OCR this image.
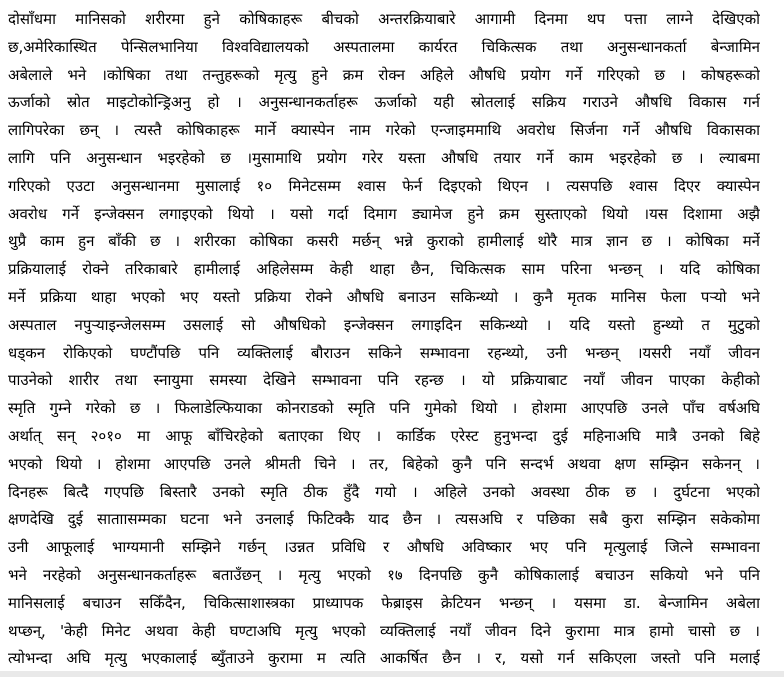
दोसाँधमा मानिसको शरीरमा हुने कोषिकाहरू बीचको अन्तरक्रियाबारे आगामी दिनमा थप पत्ता लाग्ने देखिएको
छ,अमेरिकास्थित पेन्सिलभानिया विश्वविद्यालयको अस्पतालमा कार्यरत चिकित्सक तथा अनुसन्धानकर्ता बेन्जामिन
अबेलाले भने ।कोषिका तथा तन्तुहरूको मृत्यु हुने क्रम रोक्न अहिले औषधि प्रयोग गर्ने गरिएको छ । कोषहरूको
ऊर्जाको स्रोत माइटोकोन्ड्रिअनु हो । अनुसन्धानकर्ताहरू ऊर्जाको यही स्रोतलाई सक्रिय गराउने औषधि विकास गर्न
लागिपरेका छन् । त्यस्तै कोषिकाहरू मार्ने क्यास्पेन नाम गरेको एन्जाइममाथि अवरोध सिर्जना गर्ने औषधि विकासका
लागि पनि अनुसन्धान भइरहेको छ ।मुसामाथि प्रयोग गरेर यस्ता औषधि तयार गर्ने काम भइरहेको छ । ल्याबमा
गरिएको एउटा अनुसन्धानमा मुसालाई १० मिनेटसम्म श्वास फेर्न दिइएको थिएन । त्यसपछि श्वास दिएर क्यास्पेन
अवरोध गर्ने इन्जेक्सन लगाइएको थियो । यसो गर्दा दिमाग ड्यामेज हुने क्रम सुस्ताएको थियो ।यस दिशामा अझै
थुप्रै काम हुन बाँकी छ । शरीरका कोषिका कसरी मर्छन् भन्ने कुराको हामीलाई थोरै मात्र ज्ञान छ । कोषिका मर्ने
प्रक्रियालाई रोक्ने तरिकाबारे हामीलाई अहिलेसम्म केही थाहा छैन, चिकित्सक साम परिना भन्छन् । यदि कोषिका
मर्ने प्रक्रिया थाहा भएको भए यस्तो प्रक्रिया रोक्ने औषधि बनाउन सकिन्थ्यो । कुनै मृतक मानिस फेला पर्‍यो भने
अस्पताल नपुर्‍याइन्जेलसम्म उसलाई सो औषधिको इन्जेक्सन लगाइदिन सकिन्थ्यो । यदि यस्तो हुन्थ्यो त मुटुको
धड्कन रोकिएको घण्टौंपछि पनि व्यक्तिलाई बौराउन सकिने सम्भावना रहन्थ्यो, उनी भन्छन् ।यसरी नयाँ जीवन
पाउनेको शारीर तथा स्नायुमा समस्या देखिने सम्भावना पनि रहन्छ । यो प्रक्रियाबाट नयाँ जीवन पाएका केहीको
स्मृति गुम्ने गरेको छ । फिलाडेल्फियाका कोनराडको स्मृति पनि गुमेको थियो । होशमा आएपछि उनले पाँच वर्षअघि
अर्थात् सन् २०१० मा आफू बाँचिरहेको बताएका थिए । कार्डिक एरेस्ट हुनुभन्दा दुई महिनाअघि मात्रै उनको बिहे
भएको थियो । होशमा आएपछि उनले श्रीमती चिने । तर, बिहेको कुनै पनि सन्दर्भ अथवा क्षण सम्झिन सकेनन् ।
दिनहरू बित्दै गएपछि बिस्तारै उनको स्मृति ठीक हुँदै गयो । अहिले उनको अवस्था ठीक छ । दुर्घटना भएको
क्षणदेखि दुई साताासम्मका घटना भने उनलाई फिटिक्कै याद छैन । त्यसअघि र पछिका सबै कुरा सम्झिन सकेकोमा
उनी आफूलाई भाग्यमानी सम्झिने गर्छन् ।उन्नत प्रविधि र औषधि अविष्कार भए पनि मृत्युलाई जित्ने सम्भावना
भने नरहेको अनुसन्धानकर्ताहरू बताउँछन् । मृत्यु भएको १७ दिनपछि कुनै कोषिकालाई बचाउन सकियो भने पनि
मानिसलाई बचाउन सकिँदैन, चिकित्साशास्त्रका प्राध्यापक फेब्राइस क्रेटियन भन्छन् । यसमा डा. बेन्जामिन अबेला
थप्छन्, 'केही मिनेट अथवा केही घण्टाअघि मृत्यु भएको व्यक्तिलाई नयाँ जीवन दिने कुरामा मात्र हामो चासो छ ।
त्योभन्दा अघि मृत्यु भएकालाई ब्युँताउने कुरामा म त्यति आकर्षित छैन । र, यसो गर्न सकिएला जस्तो पनि मलाई
